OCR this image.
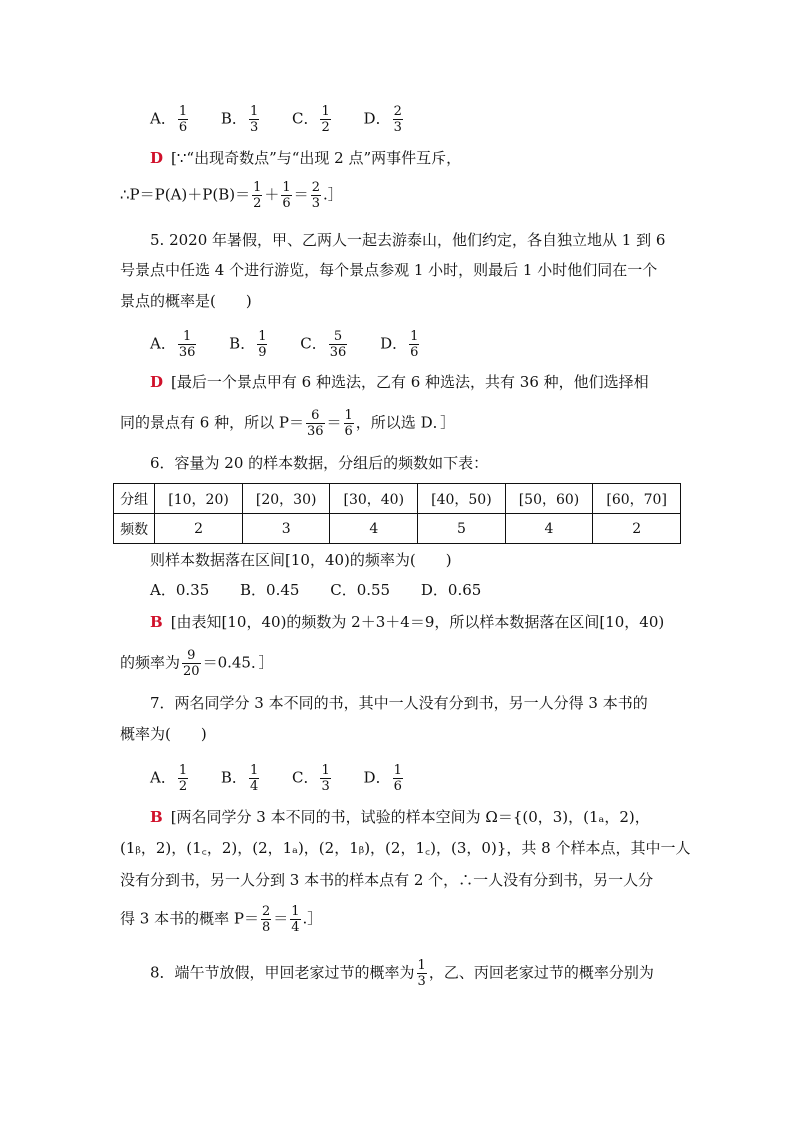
A． $\frac{1}{6}$ B． $\frac{1}{3}$ C． $\frac{1}{2}$ D． $\frac{2}{3}$
D [∵“出现奇数点”与“出现 2 点”两事件互斥，
∴P＝P(A)＋P(B)＝ $\frac{1}{2} + \frac{1}{6} = \frac{2}{3}$ .］
5. 2020 年暑假，甲、乙两人一起去游泰山，他们约定，各自独立地从 1 到 6
号景点中任选 4 个进行游览，每个景点参观 1 小时，则最后 1 小时他们同在一个
景点的概率是(　　)
A． $\frac{1}{36}$ B． $\frac{1}{9}$ C． $\frac{5}{36}$ D． $\frac{1}{6}$
D [最后一个景点甲有 6 种选法，乙有 6 种选法，共有 36 种，他们选择相
同的景点有 6 种，所以 $P= \frac{6}{36} = \frac{1}{6}$ ，所以选 D．］
6．容量为 20 的样本数据，分组后的频数如下表：
分组	[10，20)	[20，30)	[30，40)	[40，50)	[50，60)	[60，70]
频数	2	3	4	5	4	2
则样本数据落在区间[10，40)的频率为(　　)
A．0.35 B．0.45 C．0.55 D．0.65
B [由表知[10，40)的频数为 2＋3＋4＝9，所以样本数据落在区间[10，40)
的频率为 $\frac{9}{20} =0.45$．］
7．两名同学分 3 本不同的书，其中一人没有分到书，另一人分得 3 本书的
概率为(　　)
A． $\frac{1}{2}$ B． $\frac{1}{4}$ C． $\frac{1}{3}$ D． $\frac{1}{6}$
B [两名同学分 3 本不同的书，试验的样本空间为 Ω＝{(0，3)，(1ₐ，2)，
(1ᵦ，2)，(1꜀，2)，(2，1ₐ)，(2，1ᵦ)，(2，1꜀)，(3，0)}，共 8 个样本点，其中一人
没有分到书，另一人分到 3 本书的样本点有 2 个，∴一人没有分到书，另一人分
得 3 本书的概率 $P= \frac{2}{8} = \frac{1}{4}$ .］
8．端午节放假，甲回老家过节的概率为 $\frac{1}{3}$ ，乙、丙回老家过节的概率分别为
